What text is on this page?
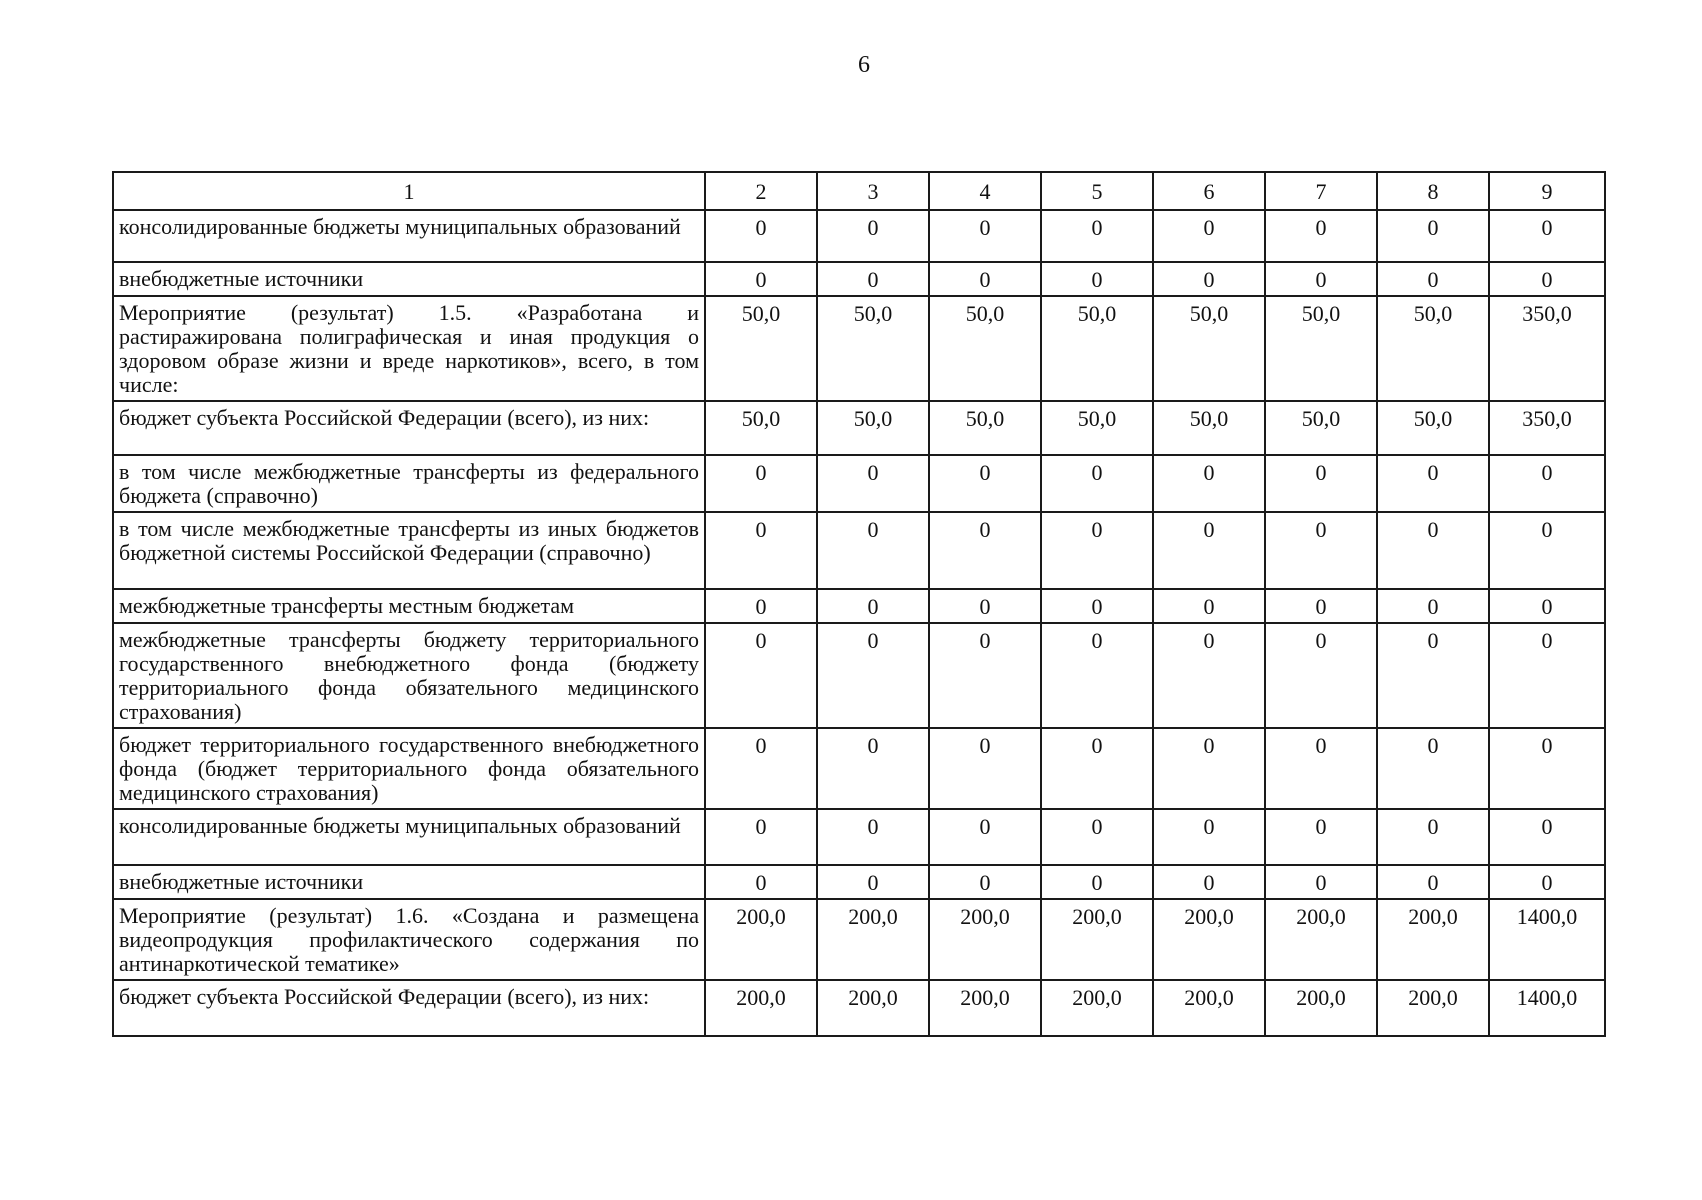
6
1	2	3	4	5	6	7	8	9
консолидированные бюджеты муниципальных образований	0	0	0	0	0	0	0	0
внебюджетные источники	0	0	0	0	0	0	0	0
Мероприятие (результат) 1.5. «Разработана и растиражирована полиграфическая и иная продукция о здоровом образе жизни и вреде наркотиков», всего, в том числе:	50,0	50,0	50,0	50,0	50,0	50,0	50,0	350,0
бюджет субъекта Российской Федерации (всего), из них:	50,0	50,0	50,0	50,0	50,0	50,0	50,0	350,0
в том числе межбюджетные трансферты из федерального бюджета (справочно)	0	0	0	0	0	0	0	0
в том числе межбюджетные трансферты из иных бюджетов бюджетной системы Российской Федерации (справочно)	0	0	0	0	0	0	0	0
межбюджетные трансферты местным бюджетам	0	0	0	0	0	0	0	0
межбюджетные трансферты бюджету территориального государственного внебюджетного фонда (бюджету территориального фонда обязательного медицинского страхования)	0	0	0	0	0	0	0	0
бюджет территориального государственного внебюджетного фонда (бюджет территориального фонда обязательного медицинского страхования)	0	0	0	0	0	0	0	0
консолидированные бюджеты муниципальных образований	0	0	0	0	0	0	0	0
внебюджетные источники	0	0	0	0	0	0	0	0
Мероприятие (результат) 1.6. «Создана и размещена видеопродукция профилактического содержания по антинаркотической тематике»	200,0	200,0	200,0	200,0	200,0	200,0	200,0	1400,0
бюджет субъекта Российской Федерации (всего), из них:	200,0	200,0	200,0	200,0	200,0	200,0	200,0	1400,0
